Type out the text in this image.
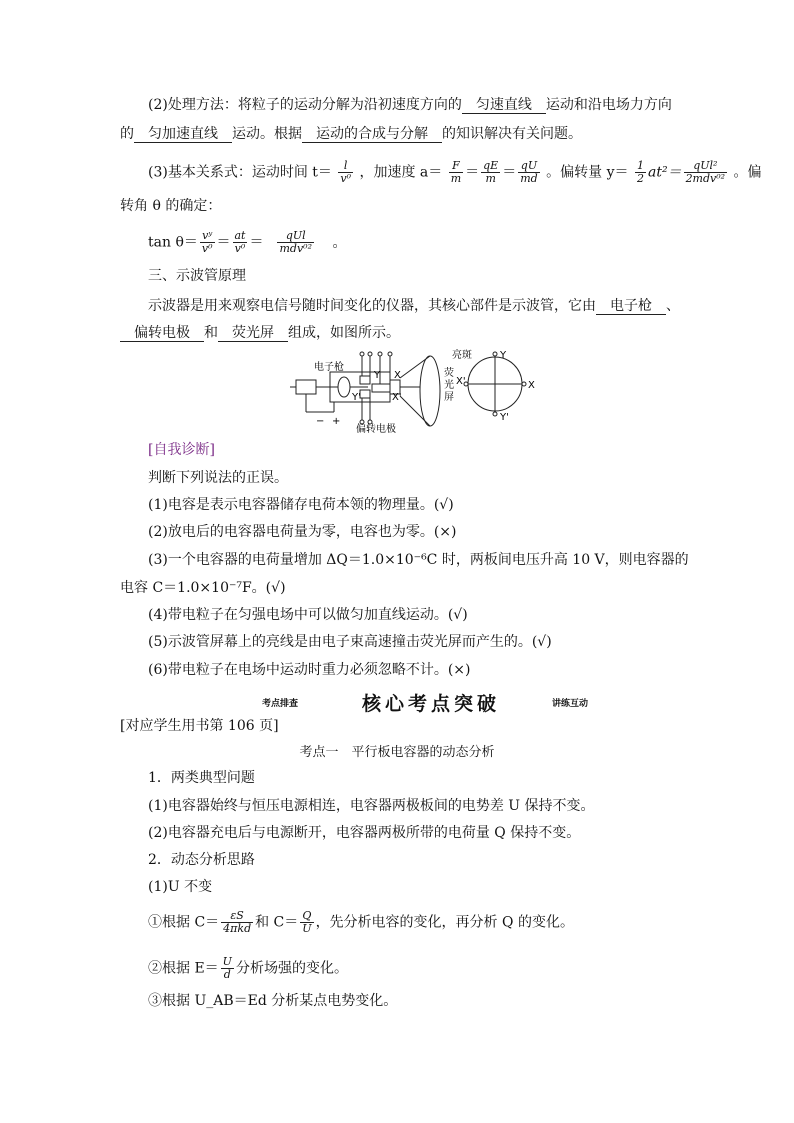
(2)处理方法：将粒子的运动分解为沿初速度方向的 匀速直线 运动和沿电场力方向
的 匀加速直线 运动。根据 运动的合成与分解 的知识解决有关问题。
(3)基本关系式：运动时间 $t= \frac{l}{\text{v⁰}}$ ，加速度 $a= \frac{F}{m} = \frac{qE}{m} = \frac{qU}{md}$ 。偏转量 $y= \frac{1}{2} at^2= \frac{\text{qUl²}}{\text{2mdv⁰²}}$ 。偏
转角 θ 的确定：
$\tan \theta= \frac{\text{vʸ}}{\text{v⁰}} = \frac{at}{\text{v⁰}} = \frac{\text{qUl}}{\text{mdv⁰²}}$ 。
三、示波管原理
示波器是用来观察电信号随时间变化的仪器，其核心部件是示波管，它由 电子枪 、
偏转电极 和 荧光屏 组成，如图所示。
电子枪
亮斑
偏转电极
荧
光
屏
Y
Y'
X
X'
Y
Y'
X
X'
− +
[自我诊断]
判断下列说法的正误。
(1)电容是表示电容器储存电荷本领的物理量。(√)
(2)放电后的电容器电荷量为零，电容也为零。(×)
(3)一个电容器的电荷量增加 ΔQ＝1.0×10⁻⁶C 时，两板间电压升高 10 V，则电容器的
电容 C＝1.0×10⁻⁷F。(√)
(4)带电粒子在匀强电场中可以做匀加直线运动。(√)
(5)示波管屏幕上的亮线是由电子束高速撞击荧光屏而产生的。(√)
(6)带电粒子在电场中运动时重力必须忽略不计。(×)
考点排查	核心考点突破	讲练互动
[对应学生用书第 106 页]
考点一　平行板电容器的动态分析
1．两类典型问题
(1)电容器始终与恒压电源相连，电容器两极板间的电势差 U 保持不变。
(2)电容器充电后与电源断开，电容器两极所带的电荷量 Q 保持不变。
2．动态分析思路
(1)U 不变
①根据 $C= \frac{\varepsilon S}{\text{4πkd}}$ 和 $C= \frac{Q}{U}$ ，先分析电容的变化，再分析 Q 的变化。
②根据 $E= \frac{U}{d}$ 分析场强的变化。
③根据 U_AB＝Ed 分析某点电势变化。
